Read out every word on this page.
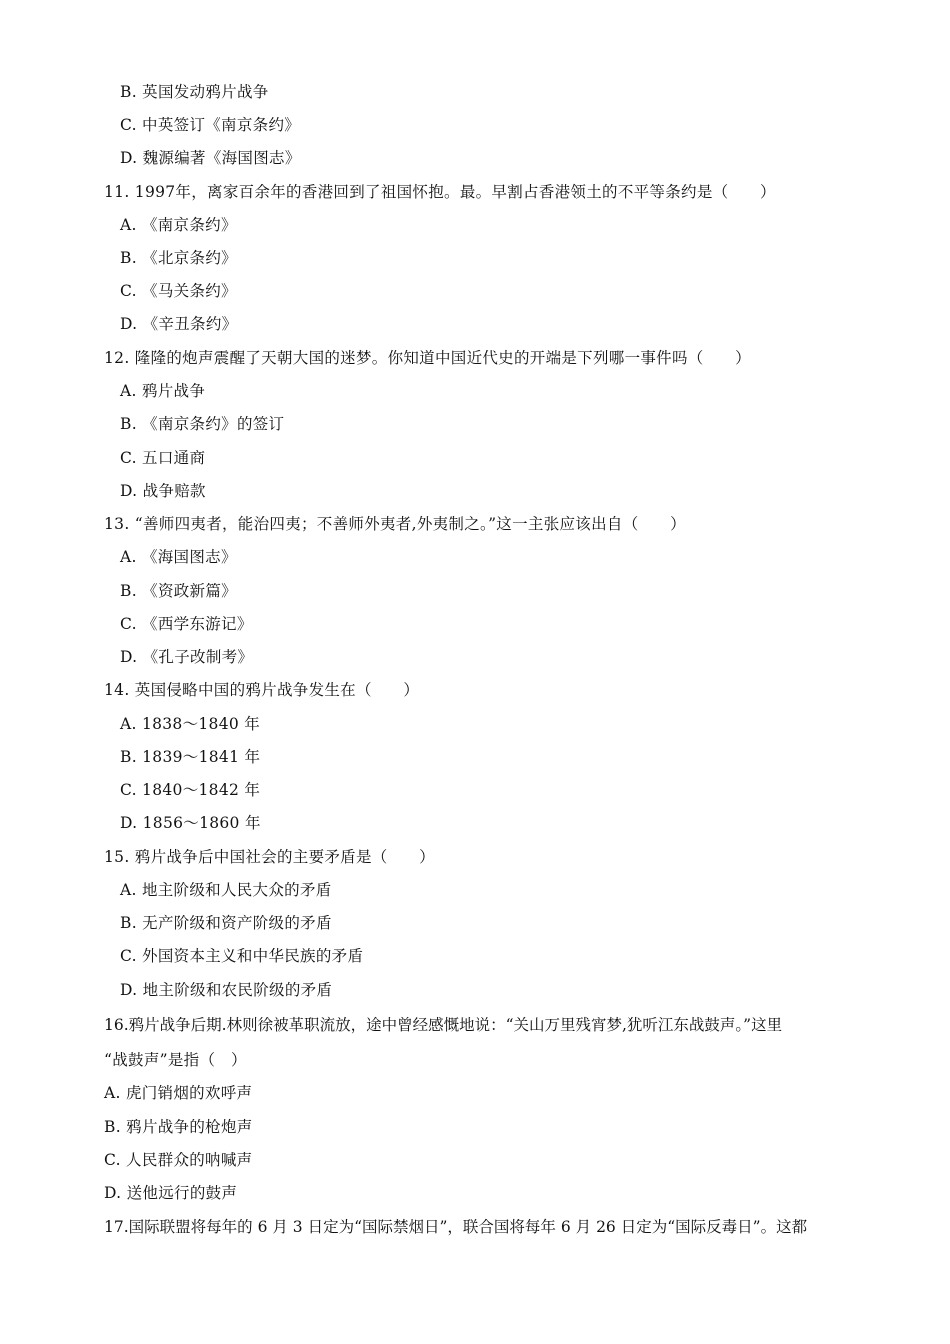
B. 英国发动鸦片战争
C. 中英签订《南京条约》
D. 魏源编著《海国图志》
11. 1997年，离家百余年的香港回到了祖国怀抱。最。早割占香港领土的不平等条约是（　　）
A. 《南京条约》
B. 《北京条约》
C. 《马关条约》
D. 《辛丑条约》
12. 隆隆的炮声震醒了天朝大国的迷梦。你知道中国近代史的开端是下列哪一事件吗（　　）
A. 鸦片战争
B. 《南京条约》的签订
C. 五口通商
D. 战争赔款
13. “善师四夷者，能治四夷；不善师外夷者,外夷制之。”这一主张应该出自（　　）
A. 《海国图志》
B. 《资政新篇》
C. 《西学东游记》
D. 《孔子改制考》
14. 英国侵略中国的鸦片战争发生在（　　）
A. 1838～1840 年
B. 1839～1841 年
C. 1840～1842 年
D. 1856～1860 年
15. 鸦片战争后中国社会的主要矛盾是（　　）
A. 地主阶级和人民大众的矛盾
B. 无产阶级和资产阶级的矛盾
C. 外国资本主义和中华民族的矛盾
D. 地主阶级和农民阶级的矛盾
16.鸦片战争后期.林则徐被革职流放，途中曾经感慨地说：“关山万里残宵梦,犹听江东战鼓声。”这里
“战鼓声”是指（　）
A. 虎门销烟的欢呼声
B. 鸦片战争的枪炮声
C. 人民群众的呐喊声
D. 送他远行的鼓声
17.国际联盟将每年的 6 月 3 日定为“国际禁烟日”，联合国将每年 6 月 26 日定为“国际反毒日”。这都
